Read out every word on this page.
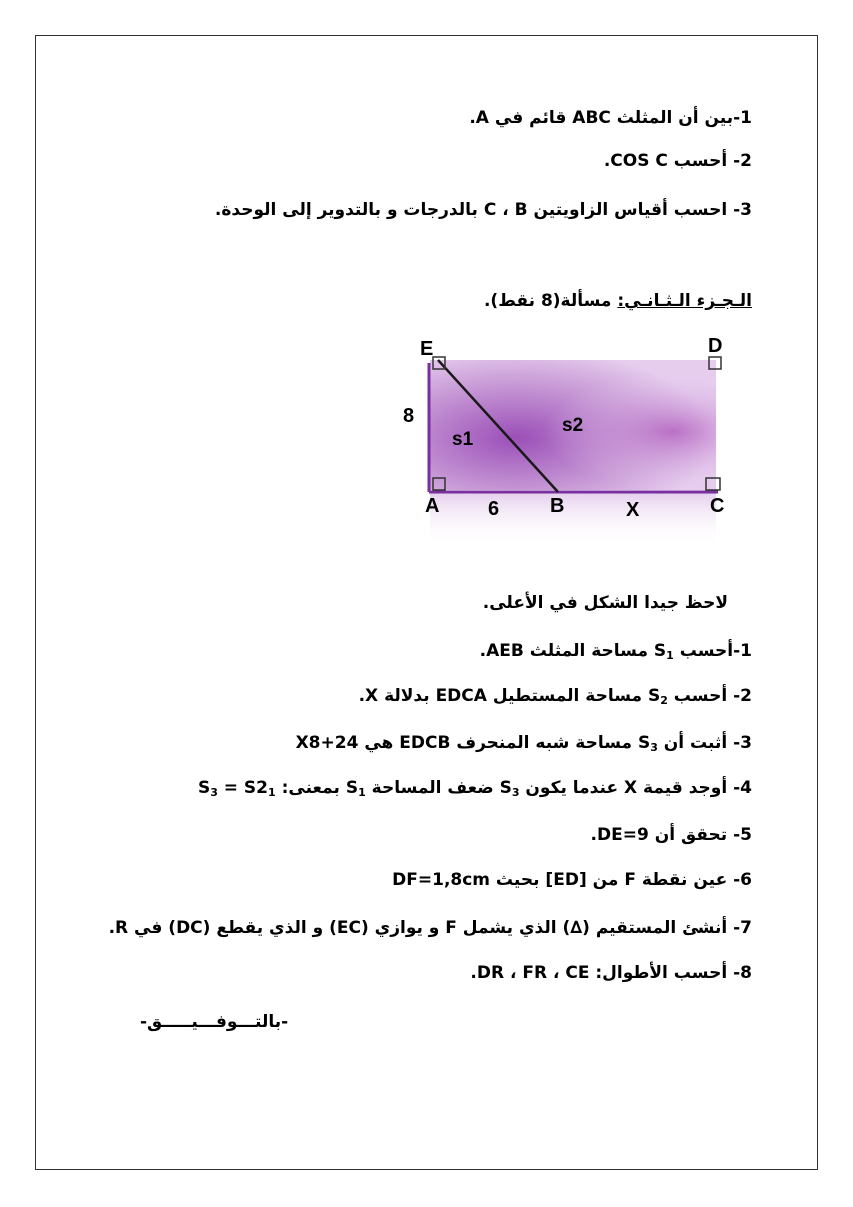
1-بين أن المثلث ABC قائم في A.
2- أحسب COS C.
3- احسب أقياس الزاويتين C ، B بالدرجات و بالتدوير إلى الوحدة.
الـجـزء الـثـانـي: مسألة(8 نقط).
E	D
8
s1
s2
A 6	B	X	C
لاحظ جيدا الشكل في الأعلى.
1-أحسب $S_1$ مساحة المثلث AEB.
2- أحسب $S_2$ مساحة المستطيل EDCA بدلالة X.
3- أثبت أن $S_3$ مساحة شبه المنحرف EDCB هي X8+24
4- أوجد قيمة X عندما يكون $S_3$ ضعف المساحة $S_1$ بمعنى: $S_3 = S2_1$
5- تحقق أن DE=9.
6- عين نقطة F من [ED] بحيث DF=1,8cm
7- أنشئ المستقيم (∆) الذي يشمل F و يوازي (EC) و الذي يقطع (DC) في R.
8- أحسب الأطوال: DR ، FR ، CE.
-بالتـــوفـــيـــــق-
